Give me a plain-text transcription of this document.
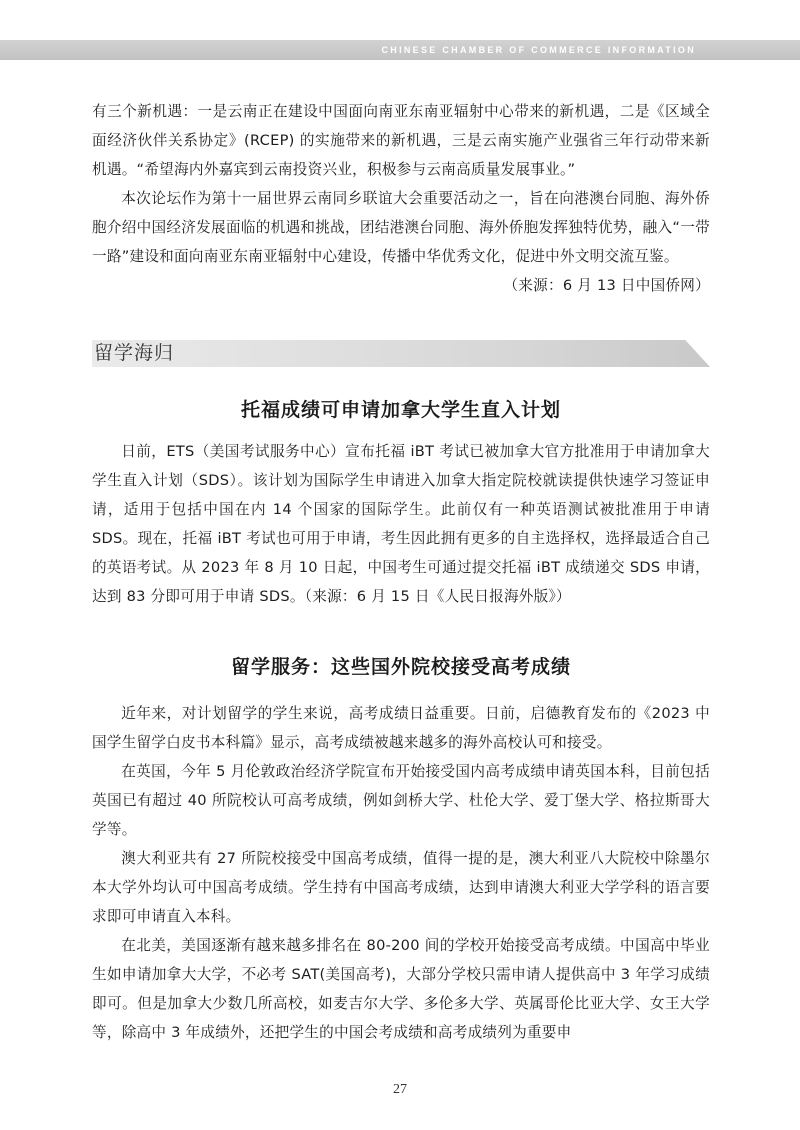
CHINESE CHAMBER OF COMMERCE INFORMATION

有三个新机遇：一是云南正在建设中国面向南亚东南亚辐射中心带来的新机遇，二是《区域全面经济伙伴关系协定》(RCEP) 的实施带来的新机遇，三是云南实施产业强省三年行动带来新机遇。“希望海内外嘉宾到云南投资兴业，积极参与云南高质量发展事业。”

本次论坛作为第十一届世界云南同乡联谊大会重要活动之一，旨在向港澳台同胞、海外侨胞介绍中国经济发展面临的机遇和挑战，团结港澳台同胞、海外侨胞发挥独特优势，融入“一带一路”建设和面向南亚东南亚辐射中心建设，传播中华优秀文化，促进中外文明交流互鉴。
（来源：6 月 13 日中国侨网）

留学海归
托福成绩可申请加拿大学生直入计划

日前，ETS（美国考试服务中心）宣布托福 iBT 考试已被加拿大官方批准用于申请加拿大学生直入计划（SDS）。该计划为国际学生申请进入加拿大指定院校就读提供快速学习签证申请，适用于包括中国在内 14 个国家的国际学生。此前仅有一种英语测试被批准用于申请 SDS。现在，托福 iBT 考试也可用于申请，考生因此拥有更多的自主选择权，选择最适合自己的英语考试。从 2023 年 8 月 10 日起，中国考生可通过提交托福 iBT 成绩递交 SDS 申请，达到 83 分即可用于申请 SDS。（来源：6 月 15 日《人民日报海外版》）

留学服务：这些国外院校接受高考成绩

近年来，对计划留学的学生来说，高考成绩日益重要。日前，启德教育发布的《2023 中国学生留学白皮书本科篇》显示，高考成绩被越来越多的海外高校认可和接受。

在英国，今年 5 月伦敦政治经济学院宣布开始接受国内高考成绩申请英国本科，目前包括英国已有超过 40 所院校认可高考成绩，例如剑桥大学、杜伦大学、爱丁堡大学、格拉斯哥大学等。

澳大利亚共有 27 所院校接受中国高考成绩，值得一提的是，澳大利亚八大院校中除墨尔本大学外均认可中国高考成绩。学生持有中国高考成绩，达到申请澳大利亚大学学科的语言要求即可申请直入本科。

在北美，美国逐渐有越来越多排名在 80-200 间的学校开始接受高考成绩。中国高中毕业生如申请加拿大大学，不必考 SAT(美国高考)，大部分学校只需申请人提供高中 3 年学习成绩即可。但是加拿大少数几所高校，如麦吉尔大学、多伦多大学、英属哥伦比亚大学、女王大学等，除高中 3 年成绩外，还把学生的中国会考成绩和高考成绩列为重要申

27
